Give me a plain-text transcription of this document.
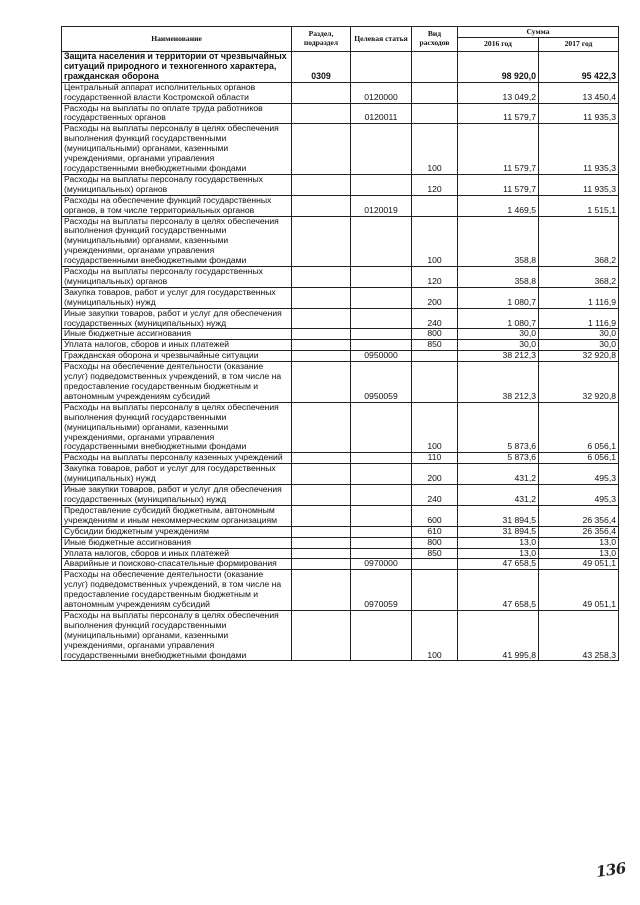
Наименование	Раздел, подраздел	Целевая статья	Вид расходов	Сумма	
				2016 год	2017 год
Защита населения и территории от чрезвычайных ситуаций природного и техногенного характера, гражданская оборона	0309			98 920,0	95 422,3
Центральный аппарат исполнительных органов государственной власти Костромской области		0120000		13 049,2	13 450,4
Расходы на выплаты по оплате труда работников государственных органов		0120011		11 579,7	11 935,3
Расходы на выплаты персоналу в целях обеспечения выполнения функций государственными (муниципальными) органами, казенными учреждениями, органами управления государственными внебюджетными фондами			100	11 579,7	11 935,3
Расходы на выплаты персоналу государственных (муниципальных) органов			120	11 579,7	11 935,3
Расходы на обеспечение функций государственных органов, в том числе территориальных органов		0120019		1 469,5	1 515,1
Расходы на выплаты персоналу в целях обеспечения выполнения функций государственными (муниципальными) органами, казенными учреждениями, органами управления государственными внебюджетными фондами			100	358,8	368,2
Расходы на выплаты персоналу государственных (муниципальных) органов			120	358,8	368,2
Закупка товаров, работ и услуг для государственных (муниципальных) нужд			200	1 080,7	1 116,9
Иные закупки товаров, работ и услуг для обеспечения государственных (муниципальных) нужд			240	1 080,7	1 116,9
Иные бюджетные ассигнования			800	30,0	30,0
Уплата налогов, сборов и иных платежей			850	30,0	30,0
Гражданская оборона и чрезвычайные ситуации		0950000		38 212,3	32 920,8
Расходы на обеспечение деятельности (оказание услуг) подведомственных учреждений, в том числе на предоставление государственным бюджетным и автономным учреждениям субсидий		0950059		38 212,3	32 920,8
Расходы на выплаты персоналу в целях обеспечения выполнения функций государственными (муниципальными) органами, казенными учреждениями, органами управления государственными внебюджетными фондами			100	5 873,6	6 056,1
Расходы на выплаты персоналу казенных учреждений			110	5 873,6	6 056,1
Закупка товаров, работ и услуг для государственных (муниципальных) нужд			200	431,2	495,3
Иные закупки товаров, работ и услуг для обеспечения государственных (муниципальных) нужд			240	431,2	495,3
Предоставление субсидий бюджетным, автономным учреждениям и иным некоммерческим организациям			600	31 894,5	26 356,4
Субсидии бюджетным учреждениям			610	31 894,5	26 356,4
Иные бюджетные ассигнования			800	13,0	13,0
Уплата налогов, сборов и иных платежей			850	13,0	13,0
Аварийные и поисково-спасательные формирования		0970000		47 658,5	49 051,1
Расходы на обеспечение деятельности (оказание услуг) подведомственных учреждений, в том числе на предоставление государственным бюджетным и автономным учреждениям субсидий		0970059		47 658,5	49 051,1
Расходы на выплаты персоналу в целях обеспечения выполнения функций государственными (муниципальными) органами, казенными учреждениями, органами управления государственными внебюджетными фондами			100	41 995,8	43 258,3
136
